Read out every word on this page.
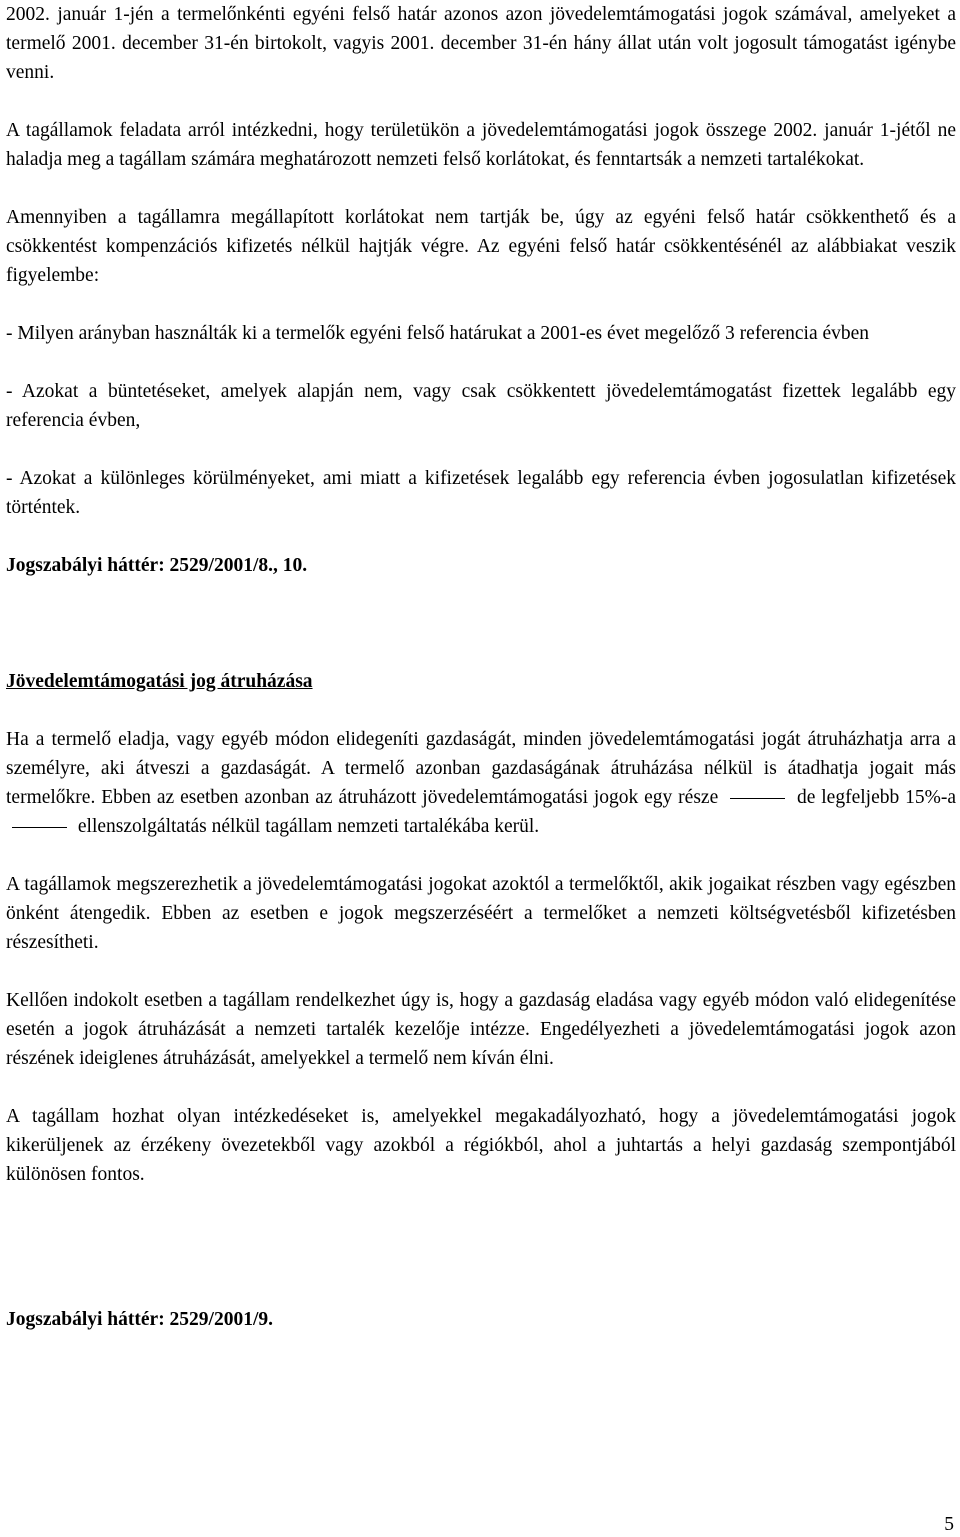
2002. január 1-jén a termelőnkénti egyéni felső határ azonos azon jövedelemtámogatási jogok számával, amelyeket a termelő 2001. december 31-én birtokolt, vagyis 2001. december 31-én hány állat után volt jogosult támogatást igénybe venni.

A tagállamok feladata arról intézkedni, hogy területükön a jövedelemtámogatási jogok összege 2002. január 1-jétől ne haladja meg a tagállam számára meghatározott nemzeti felső korlátokat, és fenntartsák a nemzeti tartalékokat.

Amennyiben a tagállamra megállapított korlátokat nem tartják be, úgy az egyéni felső határ csökkenthető és a csökkentést kompenzációs kifizetés nélkül hajtják végre. Az egyéni felső határ csökkentésénél az alábbiakat veszik figyelembe:

- Milyen arányban használták ki a termelők egyéni felső határukat a 2001-es évet megelőző 3 referencia évben

- Azokat a büntetéseket, amelyek alapján nem, vagy csak csökkentett jövedelemtámogatást fizettek legalább egy referencia évben,

- Azokat a különleges körülményeket, ami miatt a kifizetések legalább egy referencia évben jogosulatlan kifizetések történtek.

Jogszabályi háttér: 2529/2001/8., 10.

Jövedelemtámogatási jog átruházása

Ha a termelő eladja, vagy egyéb módon elidegeníti gazdaságát, minden jövedelemtámogatási jogát átruházhatja arra a személyre, aki átveszi a gazdaságát. A termelő azonban gazdaságának átruházása nélkül is átadhatja jogait más termelőkre. Ebben az esetben azonban az átruházott jövedelemtámogatási jogok egy része	de legfeljebb 15%-a  ellenszolgáltatás nélkül tagállam nemzeti tartalékába kerül.

A tagállamok megszerezhetik a jövedelemtámogatási jogokat azoktól a termelőktől, akik jogaikat részben vagy egészben önként átengedik. Ebben az esetben e jogok megszerzéséért a termelőket a nemzeti költségvetésből kifizetésben részesítheti.

Kellően indokolt esetben a tagállam rendelkezhet úgy is, hogy a gazdaság eladása vagy egyéb módon való elidegenítése esetén a jogok átruházását a nemzeti tartalék kezelője intézze. Engedélyezheti a jövedelemtámogatási jogok azon részének ideiglenes átruházását, amelyekkel a termelő nem kíván élni.

A tagállam hozhat olyan intézkedéseket is, amelyekkel megakadályozható, hogy a jövedelemtámogatási jogok kikerüljenek az érzékeny övezetekből vagy azokból a régiókból, ahol a juhtartás a helyi gazdaság szempontjából különösen fontos.

Jogszabályi háttér: 2529/2001/9.

5
